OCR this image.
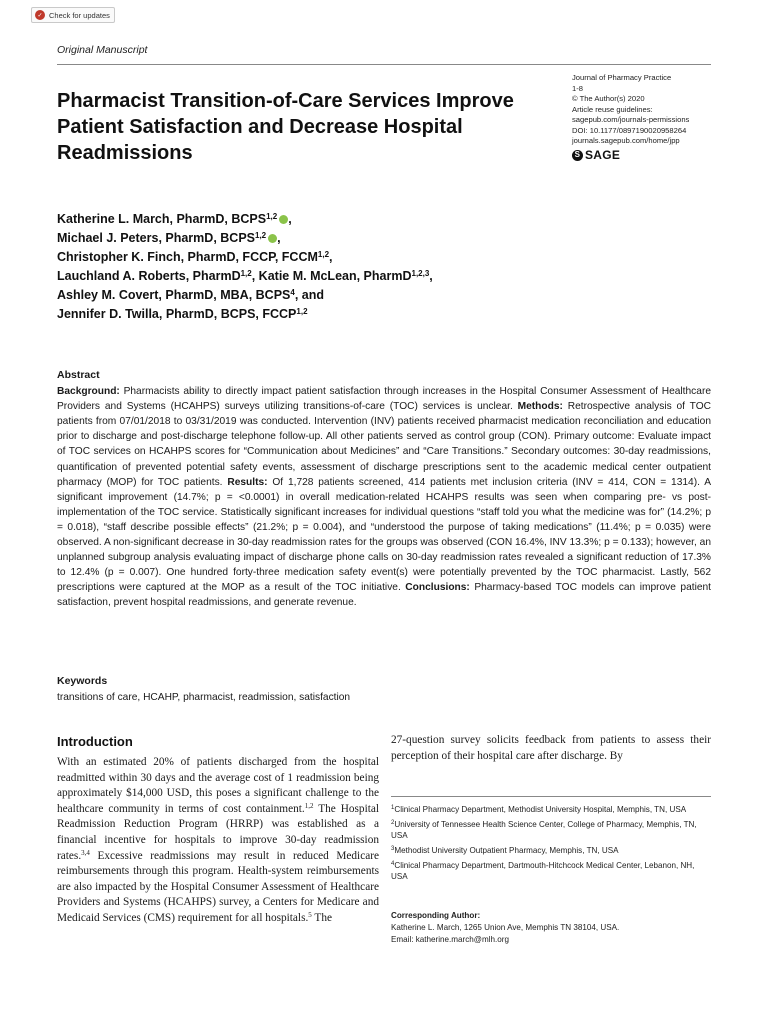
✓ Check for updates
Original Manuscript
Pharmacist Transition-of-Care Services Improve Patient Satisfaction and Decrease Hospital Readmissions
Journal of Pharmacy Practice
1-8
© The Author(s) 2020
Article reuse guidelines:
sagepub.com/journals-permissions
DOI: 10.1177/0897190020958264
journals.sagepub.com/home/jpp
S SAGE
Katherine L. March, PharmD, BCPS$^{1,2}$ ,
Michael J. Peters, PharmD, BCPS$^{1,2}$ ,
Christopher K. Finch, PharmD, FCCP, FCCM$^{1,2}$,
Lauchland A. Roberts, PharmD$^{1,2}$, Katie M. McLean, PharmD$^{1,2,3}$,
Ashley M. Covert, PharmD, MBA, BCPS$^4$, and
Jennifer D. Twilla, PharmD, BCPS, FCCP$^{1,2}$
Abstract

Background: Pharmacists ability to directly impact patient satisfaction through increases in the Hospital Consumer Assessment of Healthcare Providers and Systems (HCAHPS) surveys utilizing transitions-of-care (TOC) services is unclear. Methods: Retrospective analysis of TOC patients from 07/01/2018 to 03/31/2019 was conducted. Intervention (INV) patients received pharmacist medication reconciliation and education prior to discharge and post-discharge telephone follow-up. All other patients served as control group (CON). Primary outcome: Evaluate impact of TOC services on HCAHPS scores for “Communication about Medicines” and “Care Transitions.” Secondary outcomes: 30-day readmissions, quantification of prevented potential safety events, assessment of discharge prescriptions sent to the academic medical center outpatient pharmacy (MOP) for TOC patients. Results: Of 1,728 patients screened, 414 patients met inclusion criteria (INV = 414, CON = 1314). A significant improvement (14.7%; p = <0.0001) in overall medication-related HCAHPS results was seen when comparing pre- vs post-implementation of the TOC service. Statistically significant increases for individual questions “staff told you what the medicine was for” (14.2%; p = 0.018), “staff describe possible effects” (21.2%; p = 0.004), and “understood the purpose of taking medications” (11.4%; p = 0.035) were observed. A non-significant decrease in 30-day readmission rates for the groups was observed (CON 16.4%, INV 13.3%; p = 0.133); however, an unplanned subgroup analysis evaluating impact of discharge phone calls on 30-day readmission rates revealed a significant reduction of 17.3% to 12.4% (p = 0.007). One hundred forty-three medication safety event(s) were potentially prevented by the TOC pharmacist. Lastly, 562 prescriptions were captured at the MOP as a result of the TOC initiative. Conclusions: Pharmacy-based TOC models can improve patient satisfaction, prevent hospital readmissions, and generate revenue.

Keywords
transitions of care, HCAHP, pharmacist, readmission, satisfaction
Introduction

With an estimated 20% of patients discharged from the hospital readmitted within 30 days and the average cost of 1 readmission being approximately $14,000 USD, this poses a significant challenge to the healthcare community in terms of cost containment.$^{1,2}$ The Hospital Readmission Reduction Program (HRRP) was established as a financial incentive for hospitals to improve 30-day readmission rates.$^{3,4}$ Excessive readmissions may result in reduced Medicare reimbursements through this program. Health-system reimbursements are also impacted by the Hospital Consumer Assessment of Healthcare Providers and Systems (HCAHPS) survey, a Centers for Medicare and Medicaid Services (CMS) requirement for all hospitals.$^5$ The

27-question survey solicits feedback from patients to assess their perception of their hospital care after discharge. By

$^1$Clinical Pharmacy Department, Methodist University Hospital, Memphis, TN, USA
$^2$University of Tennessee Health Science Center, College of Pharmacy, Memphis, TN, USA
$^3$Methodist University Outpatient Pharmacy, Memphis, TN, USA
$^4$Clinical Pharmacy Department, Dartmouth-Hitchcock Medical Center, Lebanon, NH, USA
Corresponding Author:
Katherine L. March, 1265 Union Ave, Memphis TN 38104, USA.
Email: katherine.march@mlh.org
